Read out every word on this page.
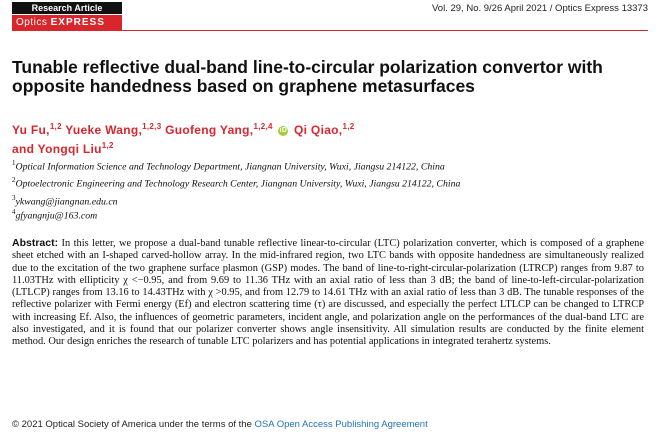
Research Article
Optics EXPRESS
Vol. 29, No. 9/26 April 2021 / Optics Express 13373
Tunable reflective dual-band line-to-circular polarization convertor with opposite handedness based on graphene metasurfaces
Yu Fu,$^{1,2}$ Yueke Wang,$^{1,2,3}$ Guofeng Yang,$^{1,2,4}$ iD Qi Qiao,$^{1,2}$
and Yongqi Liu$^{1,2}$

$^1$Optical Information Science and Technology Department, Jiangnan University, Wuxi, Jiangsu 214122, China

$^2$Optoelectronic Engineering and Technology Research Center, Jiangnan University, Wuxi, Jiangsu 214122, China

$^3$ykwang@jiangnan.edu.cn

$^4$gfyangnju@163.com

Abstract: In this letter, we propose a dual-band tunable reflective linear-to-circular (LTC) polarization converter, which is composed of a graphene sheet etched with an I-shaped carved-hollow array. In the mid-infrared region, two LTC bands with opposite handedness are simultaneously realized due to the excitation of the two graphene surface plasmon (GSP) modes. The band of line-to-right-circular-polarization (LTRCP) ranges from 9.87 to 11.03THz with ellipticity χ <−0.95, and from 9.69 to 11.36 THz with an axial ratio of less than 3 dB; the band of line-to-left-circular-polarization (LTLCP) ranges from 13.16 to 14.43THz with χ >0.95, and from 12.79 to 14.61 THz with an axial ratio of less than 3 dB. The tunable responses of the reflective polarizer with Fermi energy (Ef) and electron scattering time (τ) are discussed, and especially the perfect LTLCP can be changed to LTRCP with increasing Ef. Also, the influences of geometric parameters, incident angle, and polarization angle on the performances of the dual-band LTC are also investigated, and it is found that our polarizer converter shows angle insensitivity. All simulation results are conducted by the finite element method. Our design enriches the research of tunable LTC polarizers and has potential applications in integrated terahertz systems.

© 2021 Optical Society of America under the terms of the OSA Open Access Publishing Agreement
